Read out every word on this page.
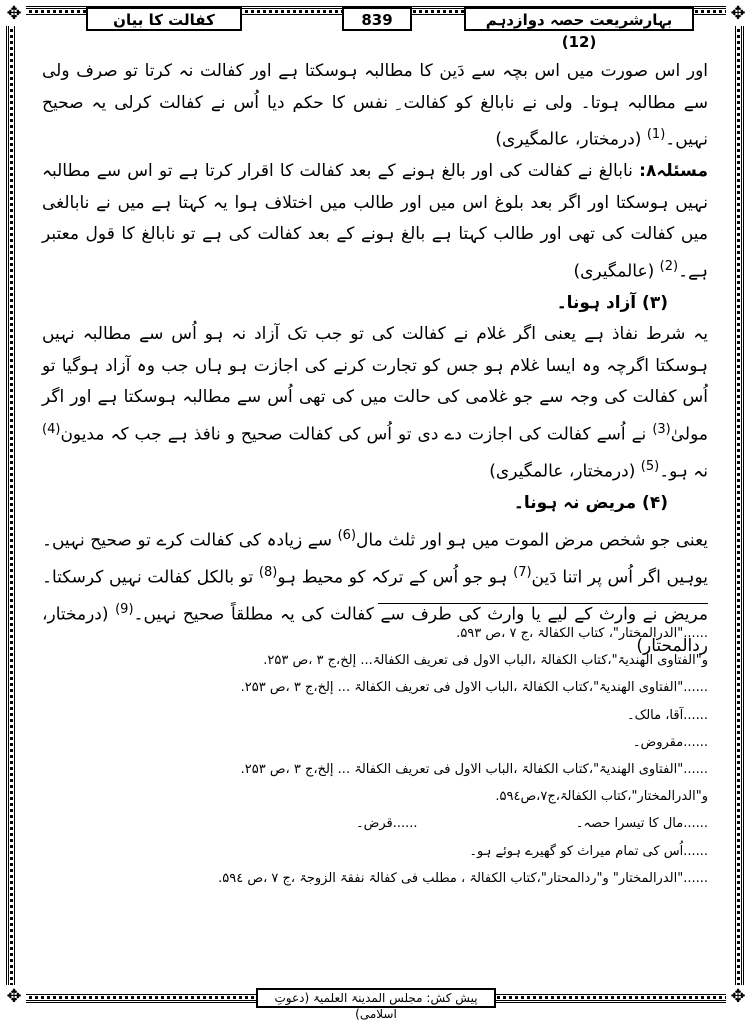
✥	✥
✥	✥
کفالت کا بیان	839	بہارِشریعت حصہ دوازدہم (12)

اور اس صورت میں اس بچہ سے دَین کا مطالبہ ہوسکتا ہے اور کفالت نہ کرتا تو صرف ولی سے مطالبہ ہوتا۔ ولی نے نابالغ کو کفالت ِ نفس کا حکم دیا اُس نے کفالت کرلی یہ صحیح نہیں۔$^{(1)}$ (درمختار، عالمگیری)

مسئلہ۸: نابالغ نے کفالت کی اور بالغ ہونے کے بعد کفالت کا اقرار کرتا ہے تو اس سے مطالبہ نہیں ہوسکتا اور اگر بعد بلوغ اس میں اور طالب میں اختلاف ہوا یہ کہتا ہے میں نے نابالغی میں کفالت کی تھی اور طالب کہتا ہے بالغ ہونے کے بعد کفالت کی ہے تو نابالغ کا قول معتبر ہے۔$^{(2)}$ (عالمگیری)

(۳) آزاد ہونا۔

یہ شرط نفاذ ہے یعنی اگر غلام نے کفالت کی تو جب تک آزاد نہ ہو اُس سے مطالبہ نہیں ہوسکتا اگرچہ وہ ایسا غلام ہو جس کو تجارت کرنے کی اجازت ہو ہاں جب وہ آزاد ہوگیا تو اُس کفالت کی وجہ سے جو غلامی کی حالت میں کی تھی اُس سے مطالبہ ہوسکتا ہے اور اگر مولیٰ$^{(3)}$ نے اُسے کفالت کی اجازت دے دی تو اُس کی کفالت صحیح و نافذ ہے جب کہ مدیون$^{(4)}$ نہ ہو۔$^{(5)}$ (درمختار، عالمگیری)

(۴) مریض نہ ہونا۔

یعنی جو شخص مرض الموت میں ہو اور ثلث مال$^{(6)}$ سے زیادہ کی کفالت کرے تو صحیح نہیں۔ یوہیں اگر اُس پر اتنا دَین$^{(7)}$ ہو جو اُس کے ترکہ کو محیط ہو$^{(8)}$ تو بالکل کفالت نہیں کرسکتا۔ مریض نے وارث کے لیے یا وارث کی طرف سے کفالت کی یہ مطلقاً صحیح نہیں۔$^{(9)}$ (درمختار، ردالمحتار)

......"الدرالمختار"، کتاب الکفالۃ ،ج ۷ ،ص ۵۹۳.
و"الفتاوی الھندیۃ"،کتاب الکفالۃ ،الباب الاول فی تعریف الکفالۃ... إلخ،ج ۳ ،ص ۲۵۳.
......"الفتاوی الھندیۃ"،کتاب الکفالۃ ،الباب الاول فی تعریف الکفالۃ ... إلخ،ج ۳ ،ص ۲۵۳.
......آقا، مالک۔
......مقروض۔
......"الفتاوی الھندیۃ"،کتاب الکفالۃ ،الباب الاول فی تعریف الکفالۃ ... إلخ،ج ۳ ،ص ۲۵۳.
و"الدرالمختار"،کتاب الکفالۃ،ج۷،ص۵۹٤.
......مال کا تیسرا حصہ۔  ......قرض۔
......اُس کی تمام میراث کو گھیرے ہوئے ہو۔
......"الدرالمختار" و"ردالمحتار"،کتاب الکفالۃ ، مطلب فی کفالۃ نفقۃ الزوجۃ ،ج ۷ ،ص ۵۹٤.
پیش کش: مجلس المدینۃ العلمیۃ (دعوتِ اسلامی)
